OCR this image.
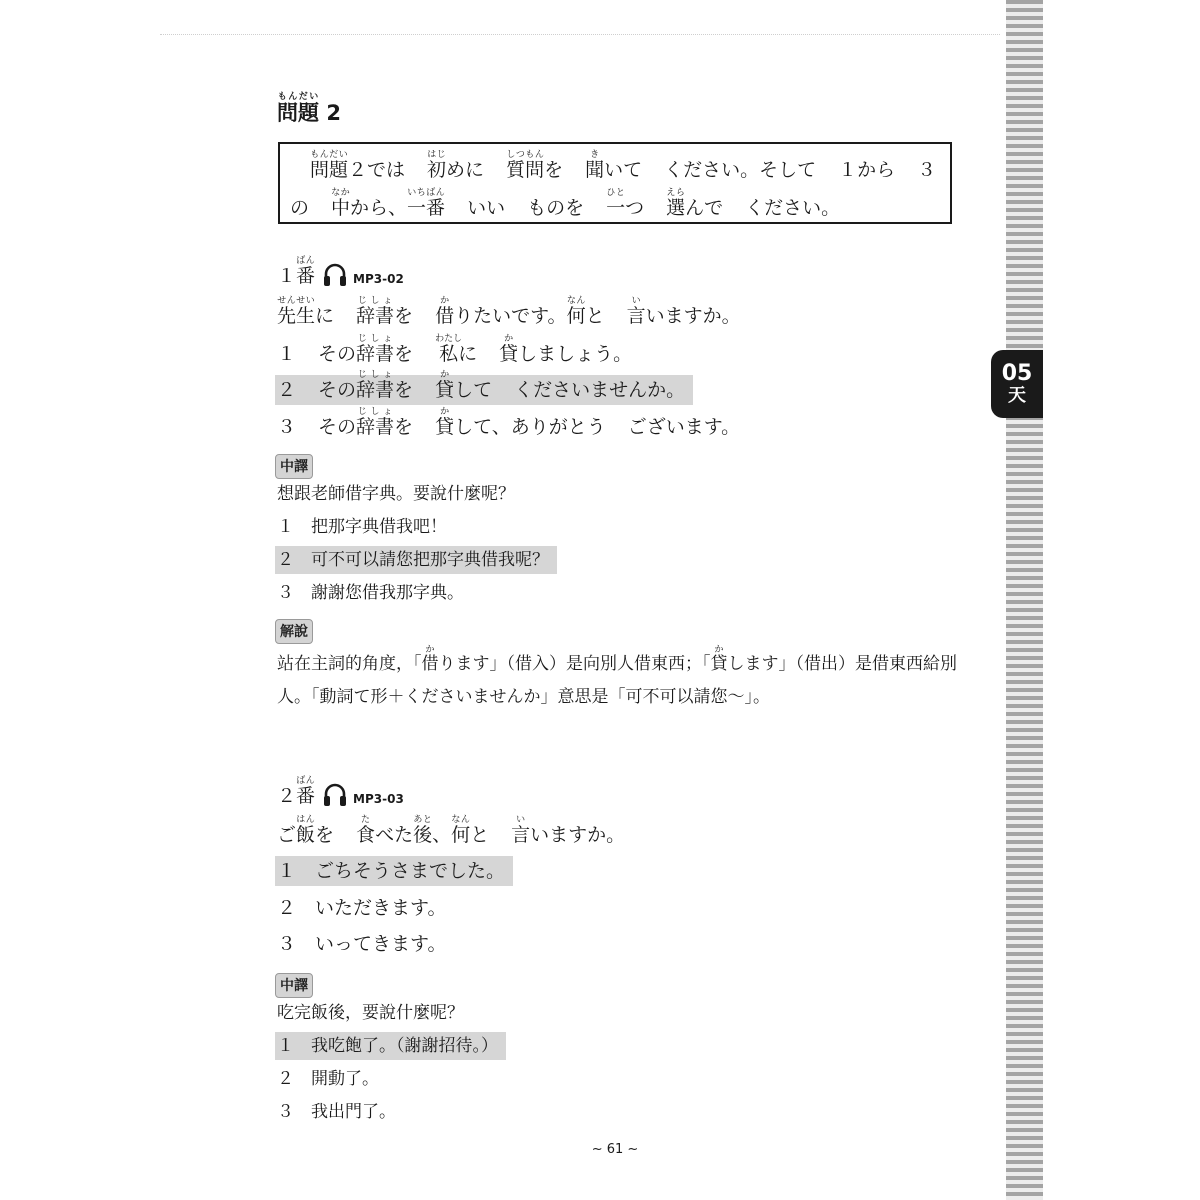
05
天
問題もんだい 2
問題もんだい２では 初はじめに 質問しつもんを 聞きいて ください。そして １から ３
の 中なかから、一番いちばんいい ものを 一ひとつ 選えらんで ください。
１ 番ばん
MP3-02
先生せんせいに 辞書じしょを 借かりたいです。何なんと 言いいますか。
１ その辞書じしょを 私わたしに 貸かしましょう。
２ その辞書じしょを 貸かして くださいませんか。
３ その辞書じしょを 貸かして、ありがとう ございます。
中譯
想跟老師借字典。要說什麼呢？
１　把那字典借我吧！
２　可不可以請您把那字典借我呢？
３　謝謝您借我那字典。
解說
站在主詞的角度，「借かります」（借入）是向別人借東西；「貸かします」（借出）是借東西給別人。「動詞て形＋くださいませんか」意思是「可不可以請您～」。
２ 番ばん
MP3-03
ご飯はんを 食たべた後あと、何なんと 言いいますか。
１　ごちそうさまでした。
２　いただきます。
３　いってきます。
中譯
吃完飯後，要說什麼呢？
１　我吃飽了。（謝謝招待。）
２　開動了。
３　我出門了。
~ 61 ~
